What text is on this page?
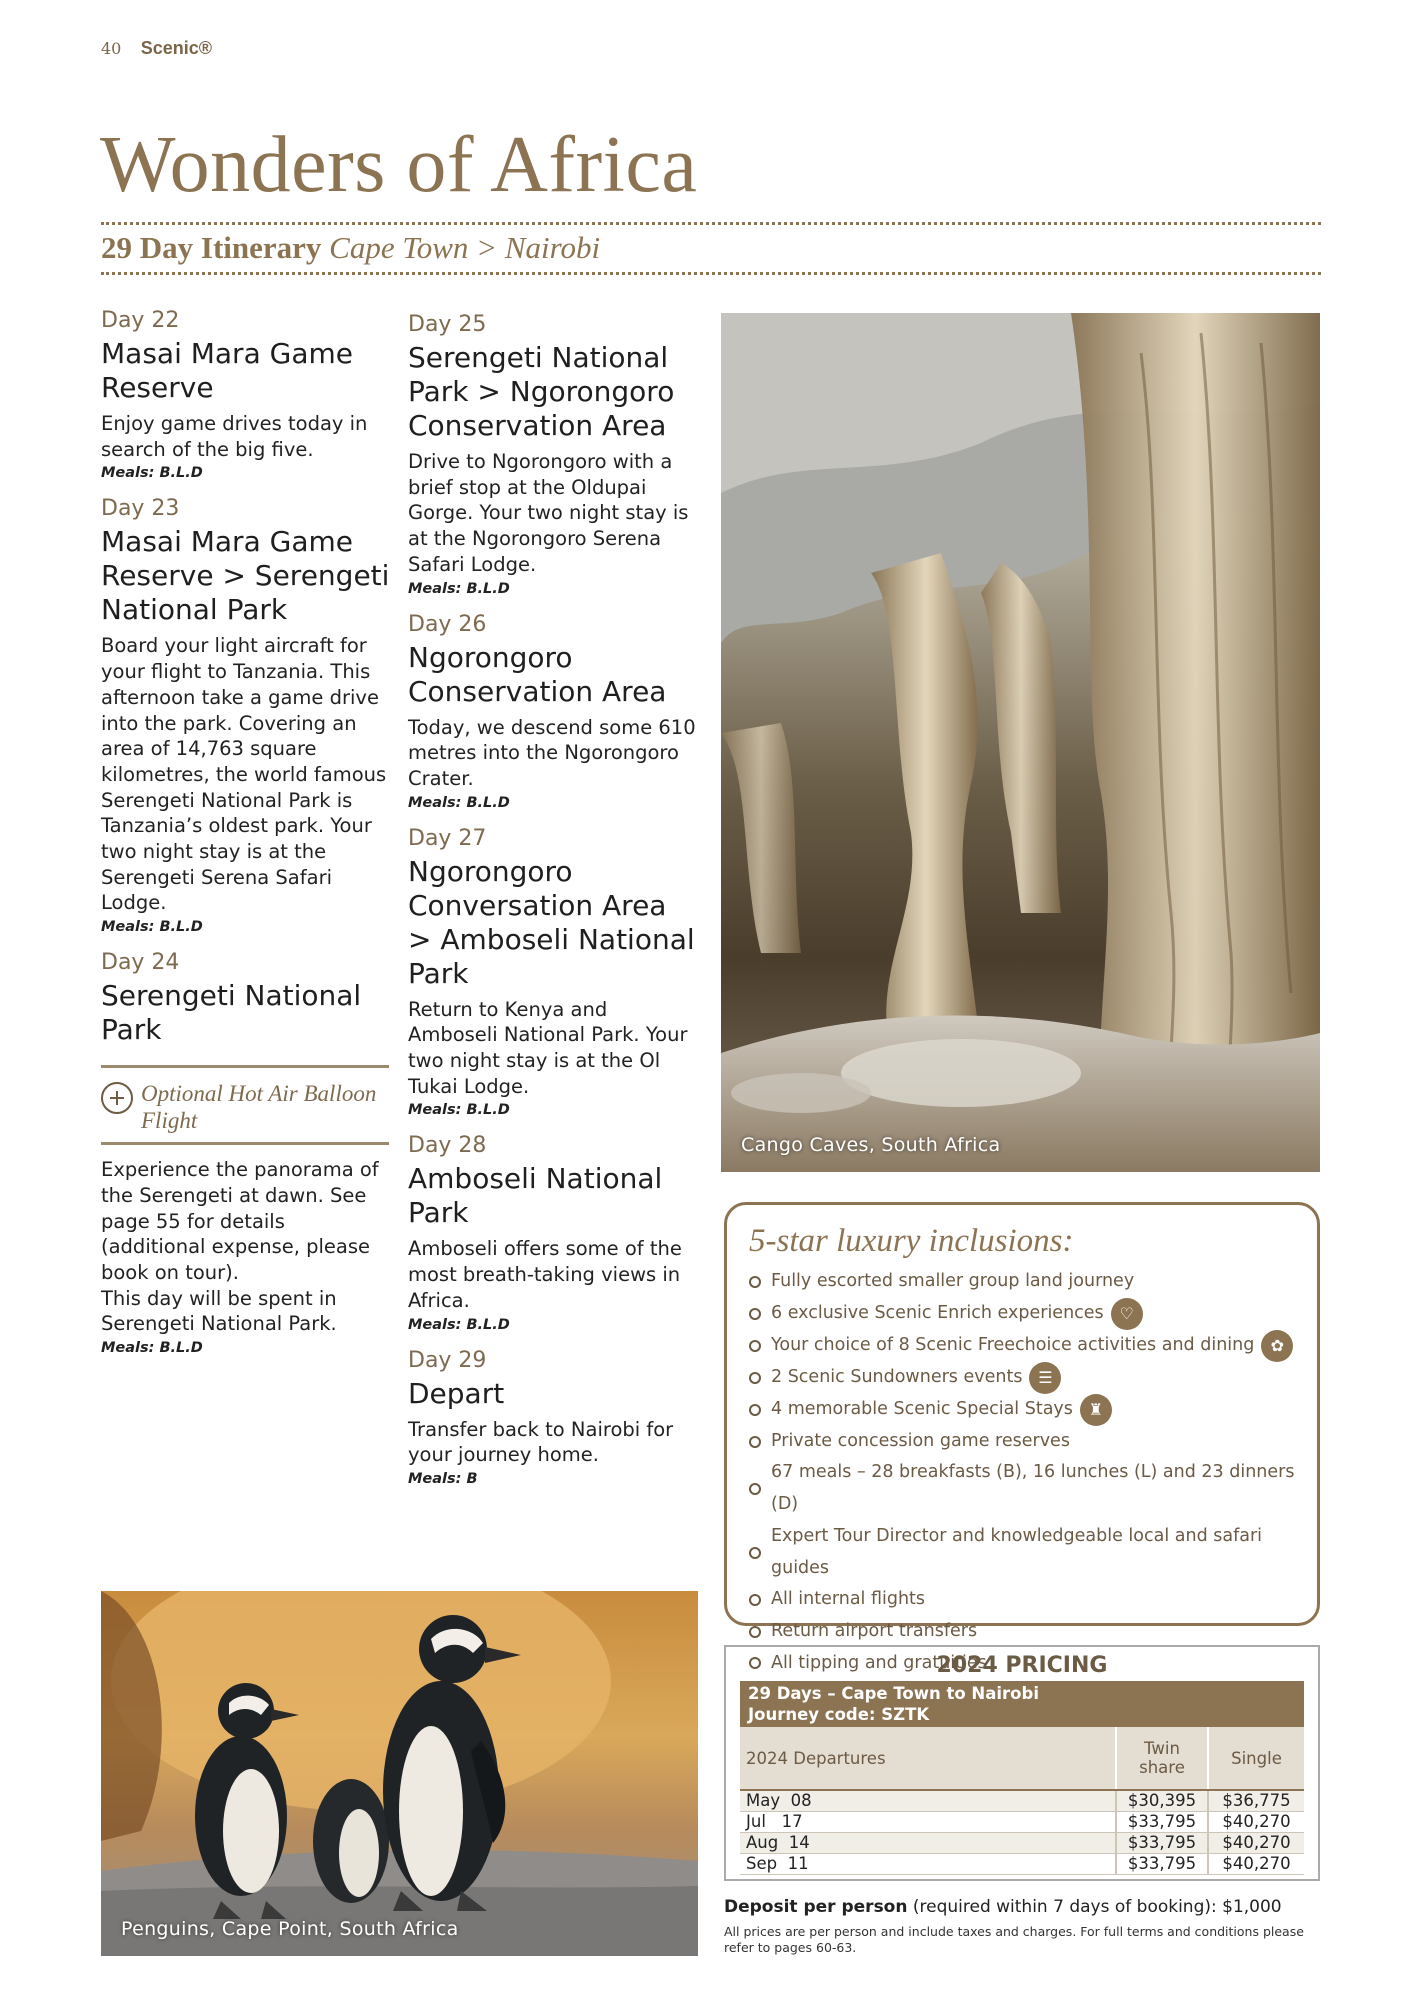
40 Scenic®
Wonders of Africa
29 Day Itinerary Cape Town > Nairobi
Day 22
Masai Mara Game Reserve

Enjoy game drives today in search of the big five.

Meals: B.L.D
Day 23
Masai Mara Game Reserve > Serengeti National Park

Board your light aircraft for your flight to Tanzania. This afternoon take a game drive into the park. Covering an area of 14,763 square kilometres, the world famous Serengeti National Park is Tanzania’s oldest park. Your two night stay is at the Serengeti Serena Safari Lodge.

Meals: B.L.D
Day 24
Serengeti National Park
Optional Hot Air Balloon Flight

Experience the panorama of the Serengeti at dawn. See page 55 for details (additional expense, please book on tour).

This day will be spent in Serengeti National Park.

Meals: B.L.D
Day 25
Serengeti National Park > Ngorongoro Conservation Area

Drive to Ngorongoro with a brief stop at the Oldupai Gorge. Your two night stay is at the Ngorongoro Serena Safari Lodge.

Meals: B.L.D
Day 26
Ngorongoro Conservation Area

Today, we descend some 610 metres into the Ngorongoro Crater.

Meals: B.L.D
Day 27
Ngorongoro Conversation Area > Amboseli National Park

Return to Kenya and Amboseli National Park. Your two night stay is at the Ol Tukai Lodge.

Meals: B.L.D
Day 28
Amboseli National Park

Amboseli offers some of the most breath-taking views in Africa.

Meals: B.L.D
Day 29
Depart

Transfer back to Nairobi for your journey home.

Meals: B
Cango Caves, South Africa
5-star luxury inclusions:
Fully escorted smaller group land journey
6 exclusive Scenic Enrich experiences ♡
Your choice of 8 Scenic Freechoice activities and dining	✿
2 Scenic Sundowners events ☰
4 memorable Scenic Special Stays ♜
Private concession game reserves
67 meals – 28 breakfasts (B), 16 lunches (L) and 23 dinners (D)
Expert Tour Director and knowledgeable local and safari guides
All internal flights
Return airport transfers
All tipping and gratuities
2024 PRICING
29 Days – Cape Town to Nairobi
Journey code: SZTK		

2024 Departures	Twin share	Single
May 08	$30,395	$36,775
Jul 17	$33,795	$40,270
Aug 14	$33,795	$40,270
Sep 11	$33,795	$40,270
Deposit per person (required within 7 days of booking): $1,000
All prices are per person and include taxes and charges. For full terms and conditions please refer to pages 60-63.
Penguins, Cape Point, South Africa
